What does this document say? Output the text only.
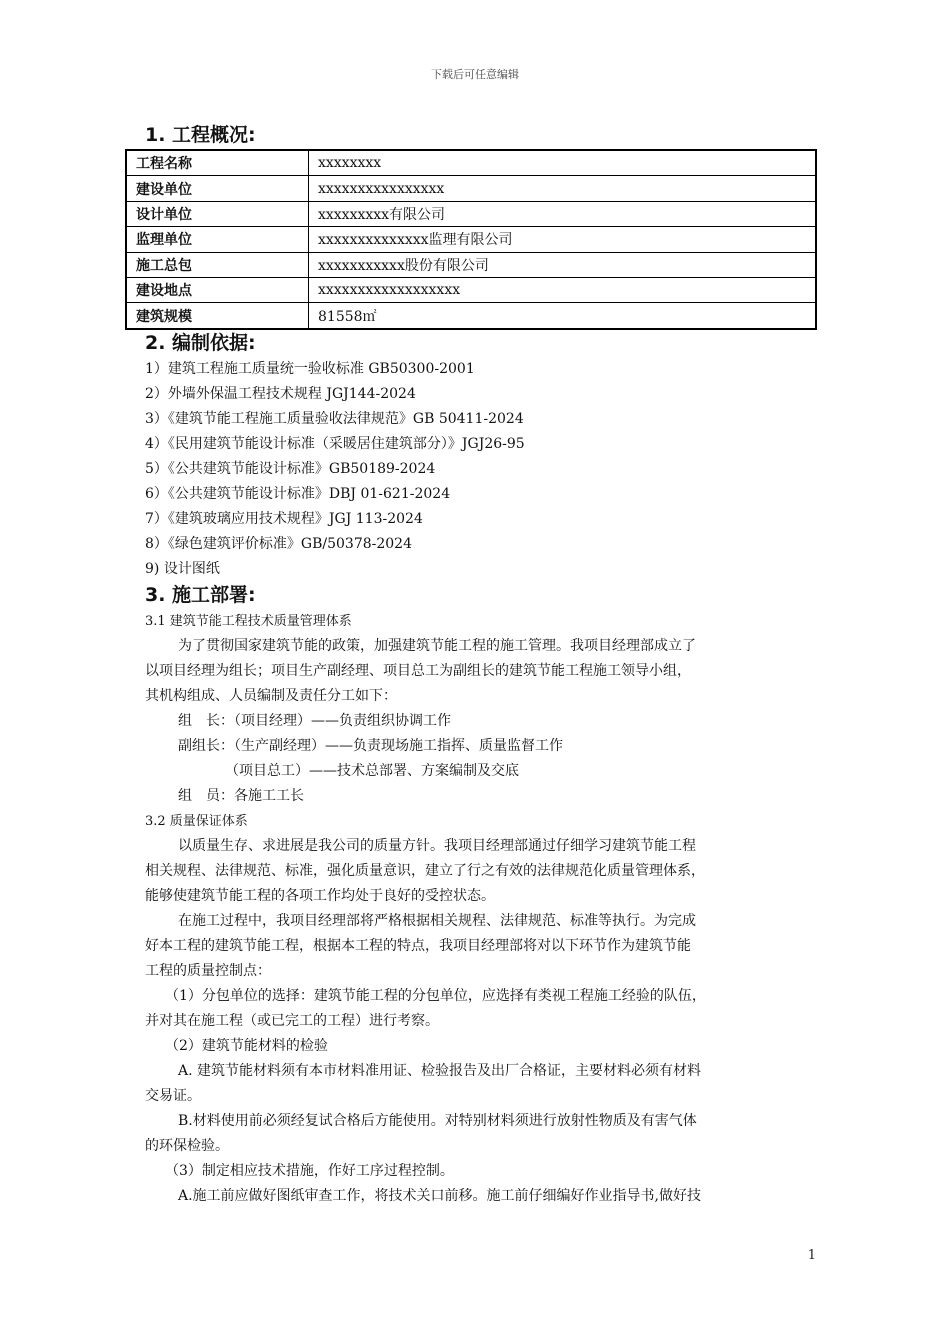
下载后可任意编辑

1. 工程概况:

工程名称	xxxxxxxx
建设单位	xxxxxxxxxxxxxxxx
设计单位	xxxxxxxxx有限公司
监理单位	xxxxxxxxxxxxxx监理有限公司
施工总包	xxxxxxxxxxx股份有限公司
建设地点	xxxxxxxxxxxxxxxxxx
建筑规模	81558㎡

2. 编制依据:

1）建筑工程施工质量统一验收标准 GB50300-2001

2）外墙外保温工程技术规程 JGJ144-2024

3）《建筑节能工程施工质量验收法律规范》GB 50411-2024

4）《民用建筑节能设计标准（采暖居住建筑部分）》JGJ26-95

5）《公共建筑节能设计标准》GB50189-2024

6）《公共建筑节能设计标准》DBJ 01-621-2024

7）《建筑玻璃应用技术规程》JGJ 113-2024

8）《绿色建筑评价标准》GB/50378-2024

9) 设计图纸

3. 施工部署:

3.1 建筑节能工程技术质量管理体系

为了贯彻国家建筑节能的政策，加强建筑节能工程的施工管理。我项目经理部成立了

以项目经理为组长；项目生产副经理、项目总工为副组长的建筑节能工程施工领导小组，

其机构组成、人员编制及责任分工如下：

组　长：（项目经理）——负责组织协调工作

副组长：（生产副经理）——负责现场施工指挥、质量监督工作

（项目总工）——技术总部署、方案编制及交底

组　员：各施工工长

3.2 质量保证体系

以质量生存、求进展是我公司的质量方针。我项目经理部通过仔细学习建筑节能工程

相关规程、法律规范、标准，强化质量意识，建立了行之有效的法律规范化质量管理体系，

能够使建筑节能工程的各项工作均处于良好的受控状态。

在施工过程中，我项目经理部将严格根据相关规程、法律规范、标准等执行。为完成

好本工程的建筑节能工程，根据本工程的特点，我项目经理部将对以下环节作为建筑节能

工程的质量控制点：

（1）分包单位的选择：建筑节能工程的分包单位，应选择有类视工程施工经验的队伍，

并对其在施工程（或已完工的工程）进行考察。

（2）建筑节能材料的检验

A. 建筑节能材料须有本市材料准用证、检验报告及出厂合格证，主要材料必须有材料

交易证。

B.材料使用前必须经复试合格后方能使用。对特别材料须进行放射性物质及有害气体

的环保检验。

（3）制定相应技术措施，作好工序过程控制。

A.施工前应做好图纸审查工作，将技术关口前移。施工前仔细编好作业指导书,做好技

1
